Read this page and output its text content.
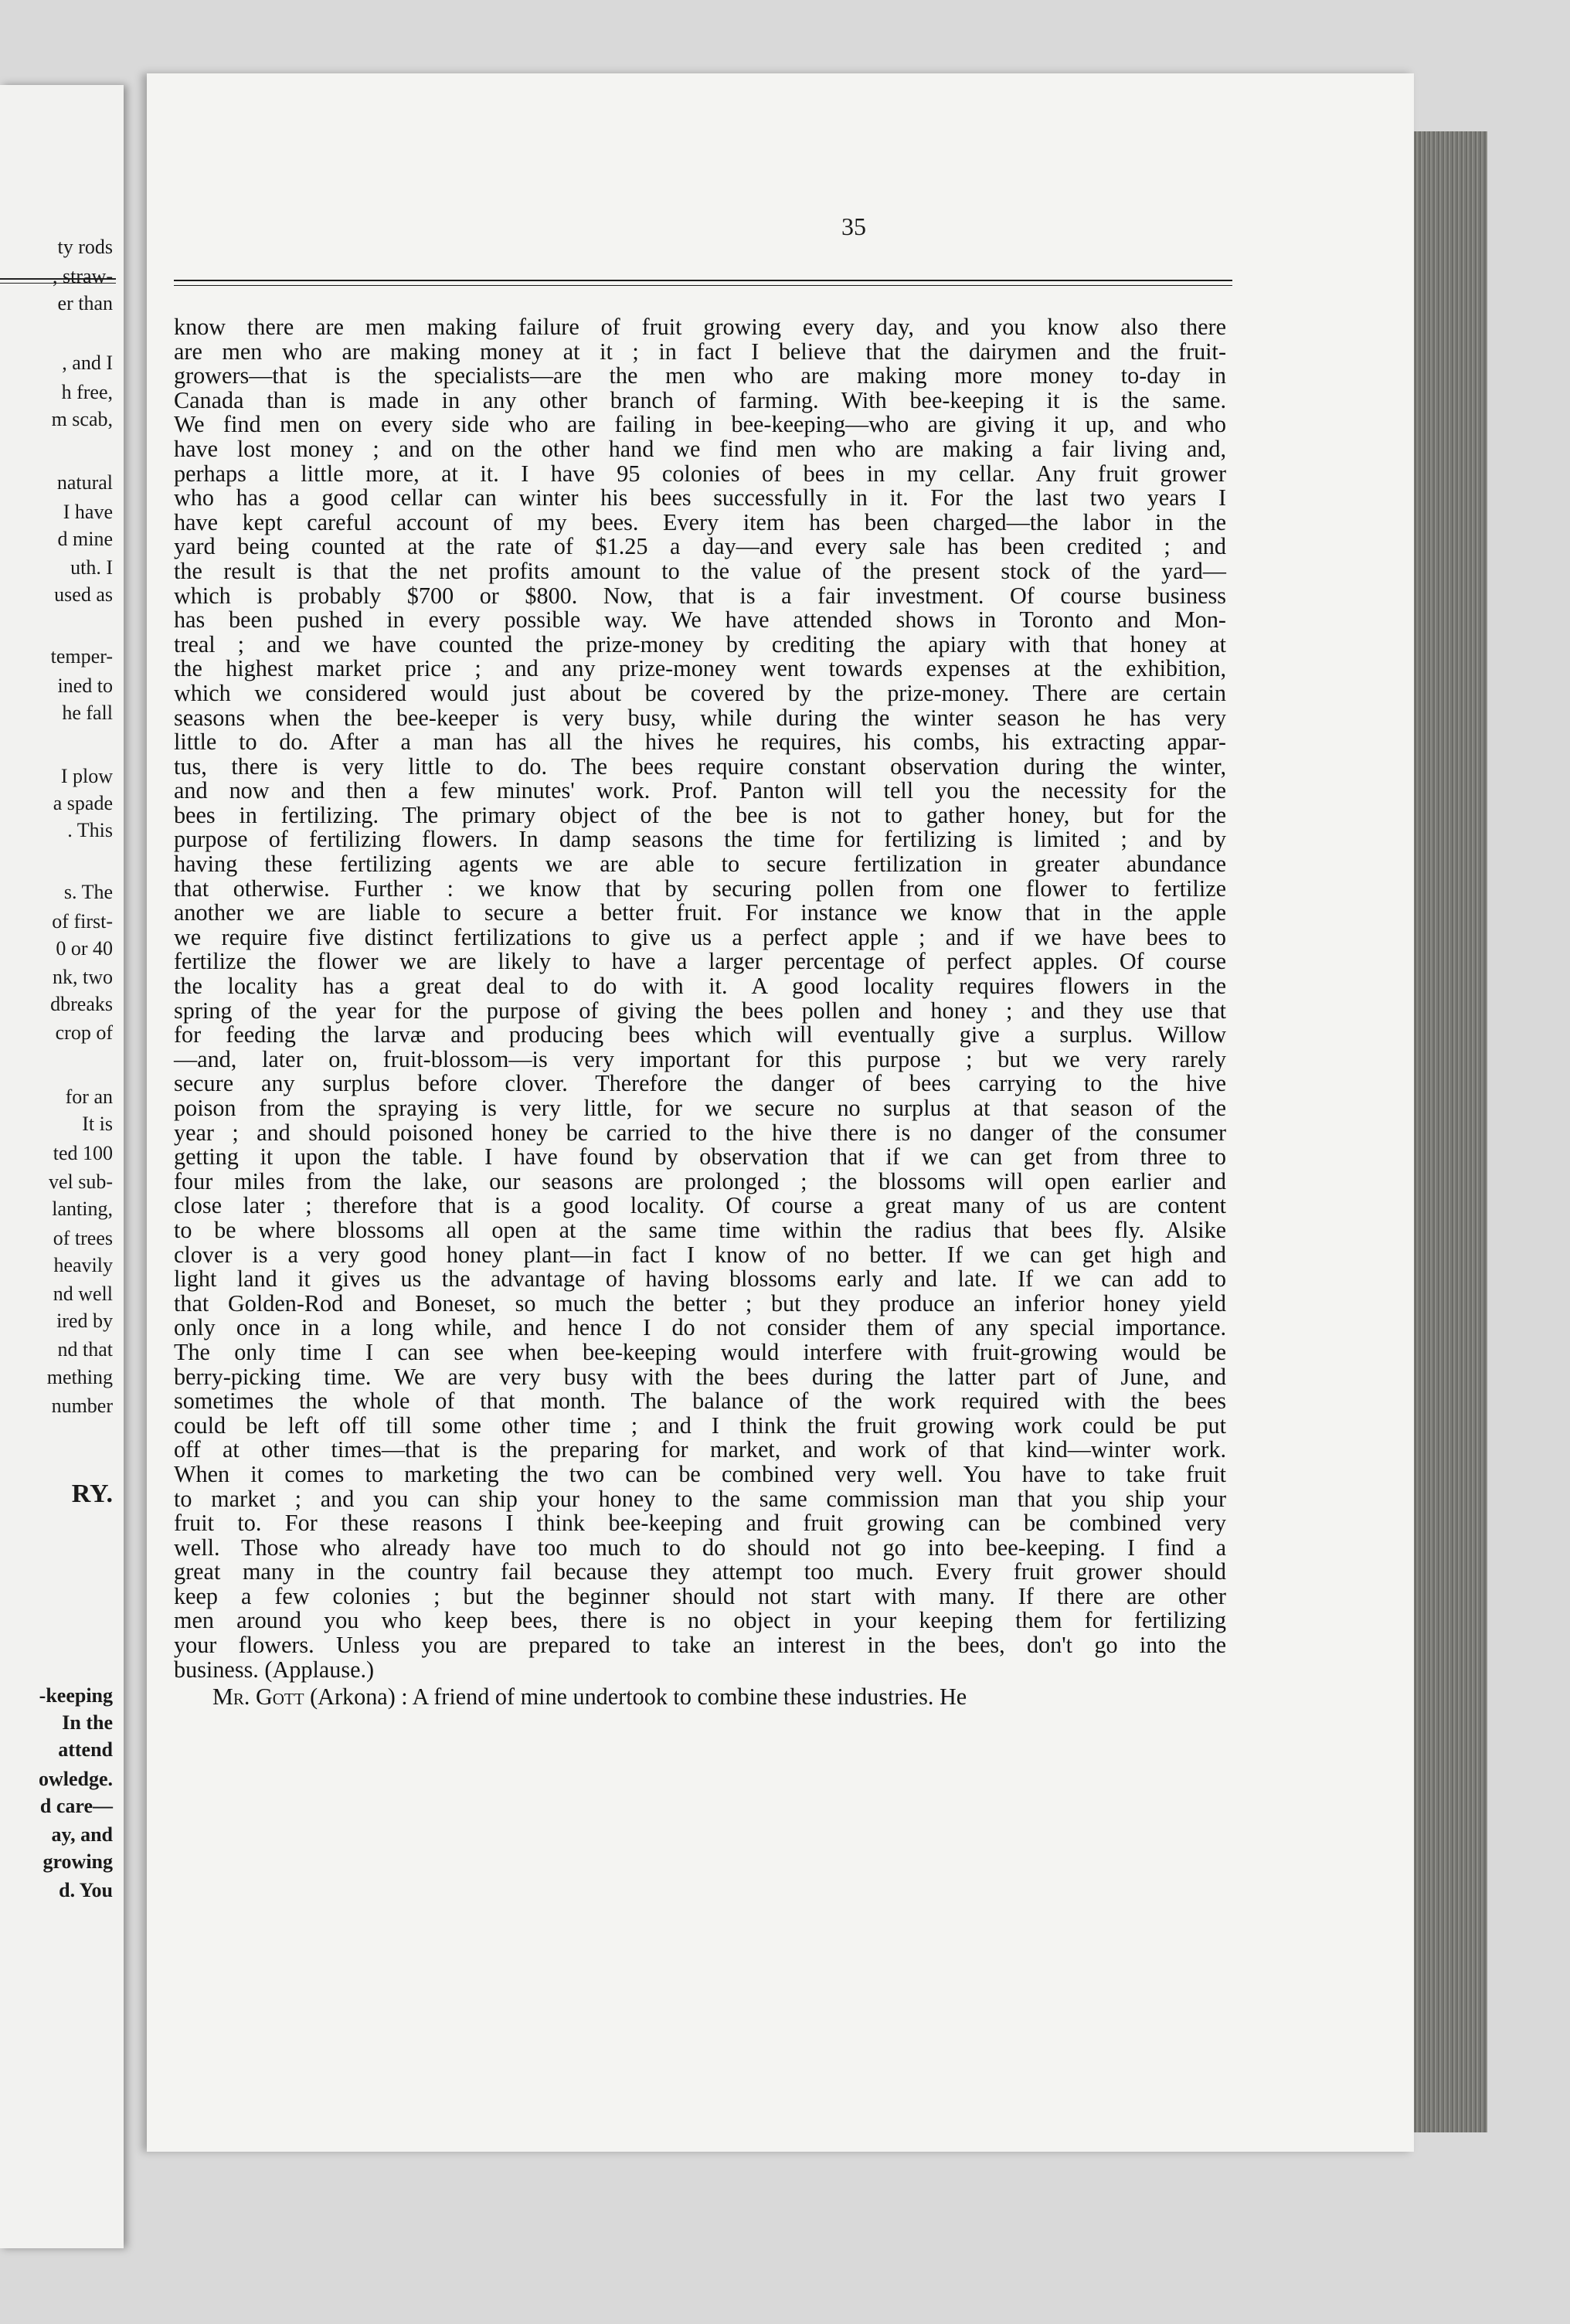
ty rods
, straw-
er than
, and I
h free,
m scab,
natural
I have
d mine
uth. I
used as
temper-
ined to
he fall
I plow
a spade
. This
s. The
of first-
0 or 40
nk, two
dbreaks
crop of
for an
It is
ted 100
vel sub-
lanting,
of trees
heavily
nd well
ired by
nd that
mething
number
RY.
-keeping
In the
attend
owledge.
d care—
ay, and
growing
d. You
35

know there are men making failure of fruit growing every day, and you know also there

are men who are making money at it ; in fact I believe that the dairymen and the fruit-

growers—that is the specialists—are the men who are making more money to-day in

Canada than is made in any other branch of farming. With bee-keeping it is the same.

We find men on every side who are failing in bee-keeping—who are giving it up, and who

have lost money ; and on the other hand we find men who are making a fair living and,

perhaps a little more, at it. I have 95 colonies of bees in my cellar. Any fruit grower

who has a good cellar can winter his bees successfully in it. For the last two years I

have kept careful account of my bees. Every item has been charged—the labor in the

yard being counted at the rate of $1.25 a day—and every sale has been credited ; and

the result is that the net profits amount to the value of the present stock of the yard—

which is probably $700 or $800. Now, that is a fair investment. Of course business

has been pushed in every possible way. We have attended shows in Toronto and Mon-

treal ; and we have counted the prize-money by crediting the apiary with that honey at

the highest market price ; and any prize-money went towards expenses at the exhibition,

which we considered would just about be covered by the prize-money. There are certain

seasons when the bee-keeper is very busy, while during the winter season he has very

little to do. After a man has all the hives he requires, his combs, his extracting appar-

tus, there is very little to do. The bees require constant observation during the winter,

and now and then a few minutes' work. Prof. Panton will tell you the necessity for the

bees in fertilizing. The primary object of the bee is not to gather honey, but for the

purpose of fertilizing flowers. In damp seasons the time for fertilizing is limited ; and by

having these fertilizing agents we are able to secure fertilization in greater abundance

that otherwise. Further : we know that by securing pollen from one flower to fertilize

another we are liable to secure a better fruit. For instance we know that in the apple

we require five distinct fertilizations to give us a perfect apple ; and if we have bees to

fertilize the flower we are likely to have a larger percentage of perfect apples. Of course

the locality has a great deal to do with it. A good locality requires flowers in the

spring of the year for the purpose of giving the bees pollen and honey ; and they use that

for feeding the larvæ and producing bees which will eventually give a surplus. Willow

—and, later on, fruit-blossom—is very important for this purpose ; but we very rarely

secure any surplus before clover. Therefore the danger of bees carrying to the hive

poison from the spraying is very little, for we secure no surplus at that season of the

year ; and should poisoned honey be carried to the hive there is no danger of the consumer

getting it upon the table. I have found by observation that if we can get from three to

four miles from the lake, our seasons are prolonged ; the blossoms will open earlier and

close later ; therefore that is a good locality. Of course a great many of us are content

to be where blossoms all open at the same time within the radius that bees fly. Alsike

clover is a very good honey plant—in fact I know of no better. If we can get high and

light land it gives us the advantage of having blossoms early and late. If we can add to

that Golden-Rod and Boneset, so much the better ; but they produce an inferior honey yield

only once in a long while, and hence I do not consider them of any special importance.

The only time I can see when bee-keeping would interfere with fruit-growing would be

berry-picking time. We are very busy with the bees during the latter part of June, and

sometimes the whole of that month. The balance of the work required with the bees

could be left off till some other time ; and I think the fruit growing work could be put

off at other times—that is the preparing for market, and work of that kind—winter work.

When it comes to marketing the two can be combined very well. You have to take fruit

to market ; and you can ship your honey to the same commission man that you ship your

fruit to. For these reasons I think bee-keeping and fruit growing can be combined very

well. Those who already have too much to do should not go into bee-keeping. I find a

great many in the country fail because they attempt too much. Every fruit grower should

keep a few colonies ; but the beginner should not start with many. If there are other

men around you who keep bees, there is no object in your keeping them for fertilizing

your flowers. Unless you are prepared to take an interest in the bees, don't go into the

business. (Applause.)

Mr. Gott (Arkona) : A friend of mine undertook to combine these industries. He
